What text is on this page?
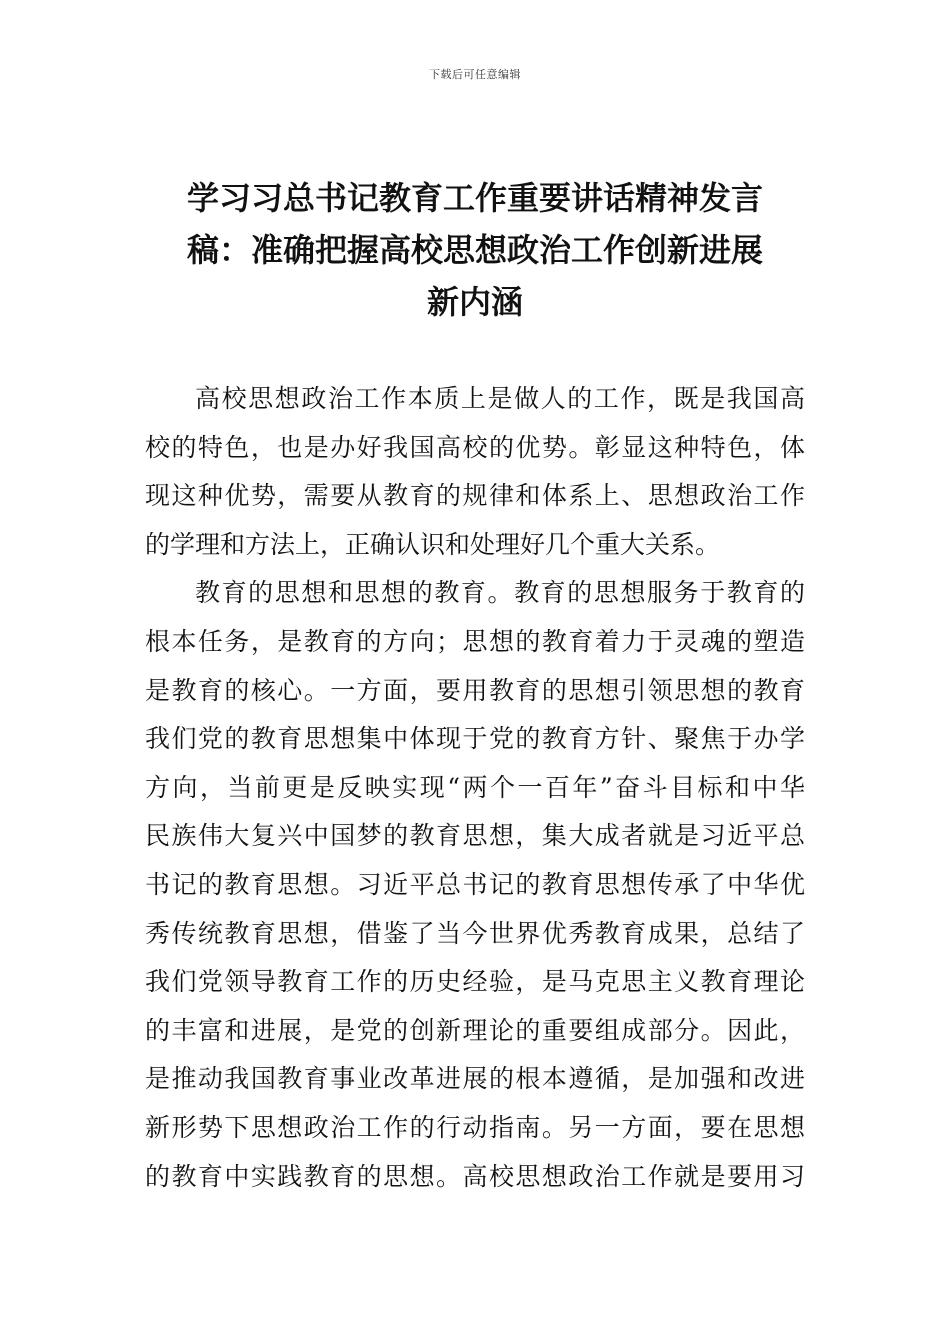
下载后可任意编辑
学习习总书记教育工作重要讲话精神发言
稿：准确把握高校思想政治工作创新进展
新内涵
高校思想政治工作本质上是做人的工作，既是我国高
校的特色，也是办好我国高校的优势。彰显这种特色，体
现这种优势，需要从教育的规律和体系上、思想政治工作
的学理和方法上，正确认识和处理好几个重大关系。
教育的思想和思想的教育。教育的思想服务于教育的
根本任务，是教育的方向；思想的教育着力于灵魂的塑造
是教育的核心。一方面，要用教育的思想引领思想的教育
我们党的教育思想集中体现于党的教育方针、聚焦于办学
方向，当前更是反映实现“两个一百年”奋斗目标和中华
民族伟大复兴中国梦的教育思想，集大成者就是习近平总
书记的教育思想。习近平总书记的教育思想传承了中华优
秀传统教育思想，借鉴了当今世界优秀教育成果，总结了
我们党领导教育工作的历史经验，是马克思主义教育理论
的丰富和进展，是党的创新理论的重要组成部分。因此，
是推动我国教育事业改革进展的根本遵循，是加强和改进
新形势下思想政治工作的行动指南。另一方面，要在思想
的教育中实践教育的思想。高校思想政治工作就是要用习
